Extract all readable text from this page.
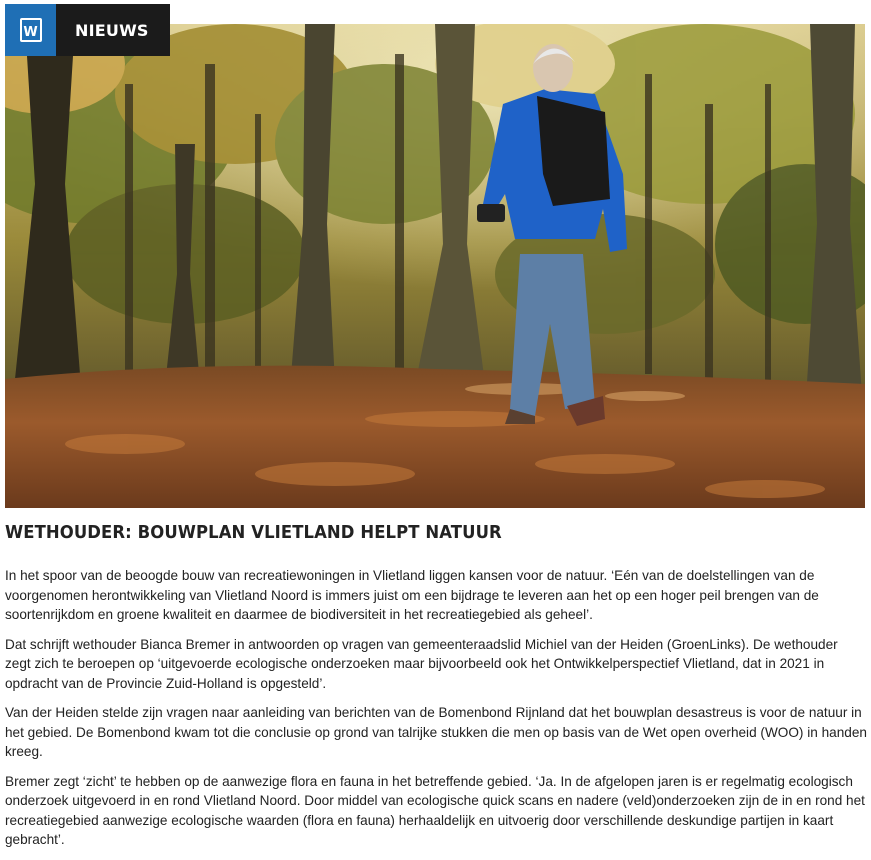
W	NIEUWS
WETHOUDER: BOUWPLAN VLIETLAND HELPT NATUUR

In het spoor van de beoogde bouw van recreatiewoningen in Vlietland liggen kansen voor de natuur. ‘Eén van de doelstellingen van de voorgenomen herontwikkeling van Vlietland Noord is immers juist om een bijdrage te leveren aan het op een hoger peil brengen van de soortenrijkdom en groene kwaliteit en daarmee de biodiversiteit in het recreatiegebied als geheel’.

Dat schrijft wethouder Bianca Bremer in antwoorden op vragen van gemeenteraadslid Michiel van der Heiden (GroenLinks). De wethouder zegt zich te beroepen op ‘uitgevoerde ecologische onderzoeken maar bijvoorbeeld ook het Ontwikkelperspectief Vlietland, dat in 2021 in opdracht van de Provincie Zuid-Holland is opgesteld’.

Van der Heiden stelde zijn vragen naar aanleiding van berichten van de Bomenbond Rijnland dat het bouwplan desastreus is voor de natuur in het gebied. De Bomenbond kwam tot die conclusie op grond van talrijke stukken die men op basis van de Wet open overheid (WOO) in handen kreeg.

Bremer zegt ‘zicht’ te hebben op de aanwezige flora en fauna in het betreffende gebied. ‘Ja. In de afgelopen jaren is er regelmatig ecologisch onderzoek uitgevoerd in en rond Vlietland Noord. Door middel van ecologische quick scans en nadere (veld)onderzoeken zijn de in en rond het recreatiegebied aanwezige ecologische waarden (flora en fauna) herhaaldelijk en uitvoerig door verschillende deskundige partijen in kaart gebracht’.
